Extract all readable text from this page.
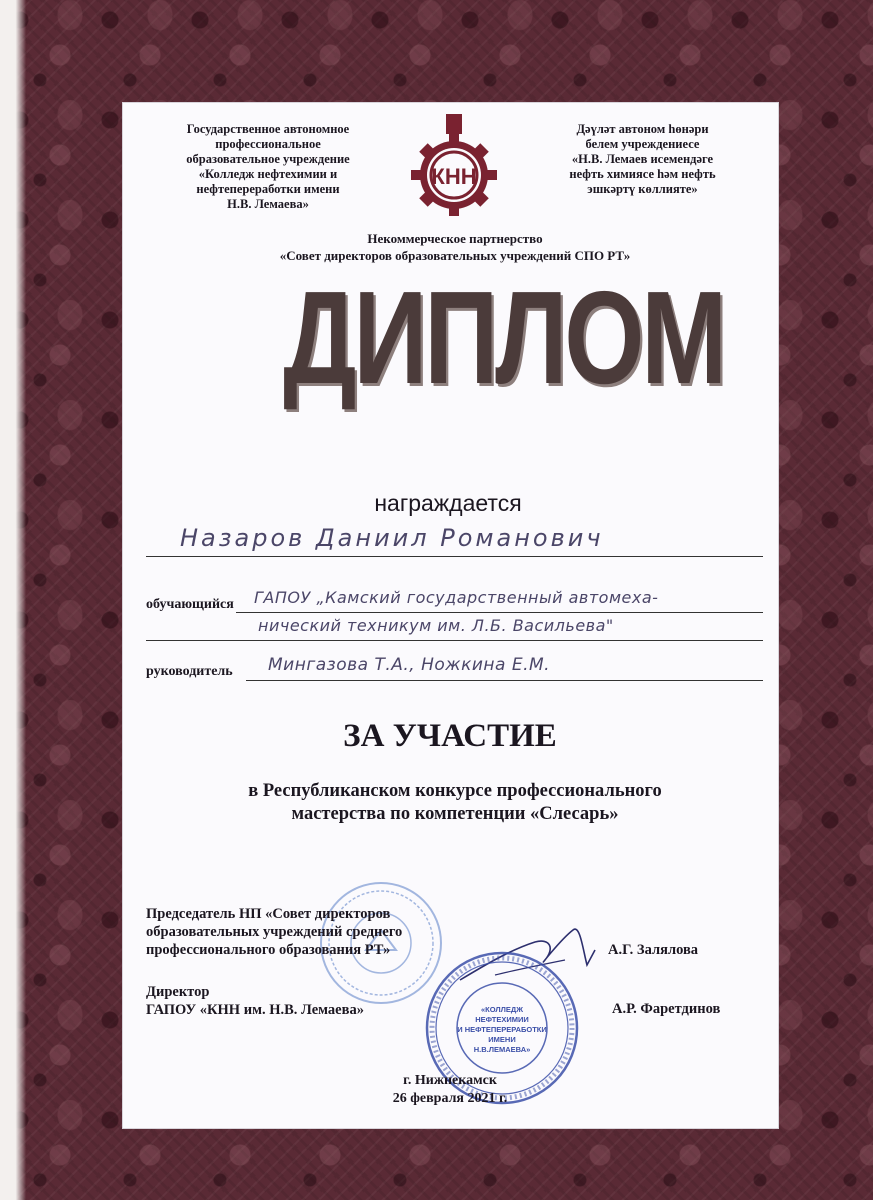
Государственное автономное
профессиональное
образовательное учреждение
«Колледж нефтехимии и
нефтепереработки имени
Н.В. Лемаева»
КНН
Дәүләт автоном һөнәри
белем учреждениесе
«Н.В. Лемаев исемендәге
нефть химиясе һәм нефть
эшкәртү көллияте»
Некоммерческое партнерство
«Совет директоров образовательных учреждений СПО РТ»
ДИПЛОМ
награждается
Назаров Даниил Романович
обучающийся ГАПОУ „Камский государственный автомеха-
нический техникум им. Л.Б. Васильева"
руководитель Мингазова Т.А., Ножкина Е.М.
ЗА УЧАСТИЕ
в Республиканском конкурсе профессионального
мастерства по компетенции «Слесарь»
Председатель НП «Совет директоров
образовательных учреждений среднего
профессионального образования РТ»	А.Г. Залялова
Директор
ГАПОУ «КНН им. Н.В. Лемаева»	А.Р. Фаретдинов
«КОЛЛЕДЖ
НЕФТЕХИМИИ
И НЕФТЕПЕРЕРАБОТКИ
ИМЕНИ
Н.В.ЛЕМАЕВА»
г. Нижнекамск
26 февраля 2021 г.
